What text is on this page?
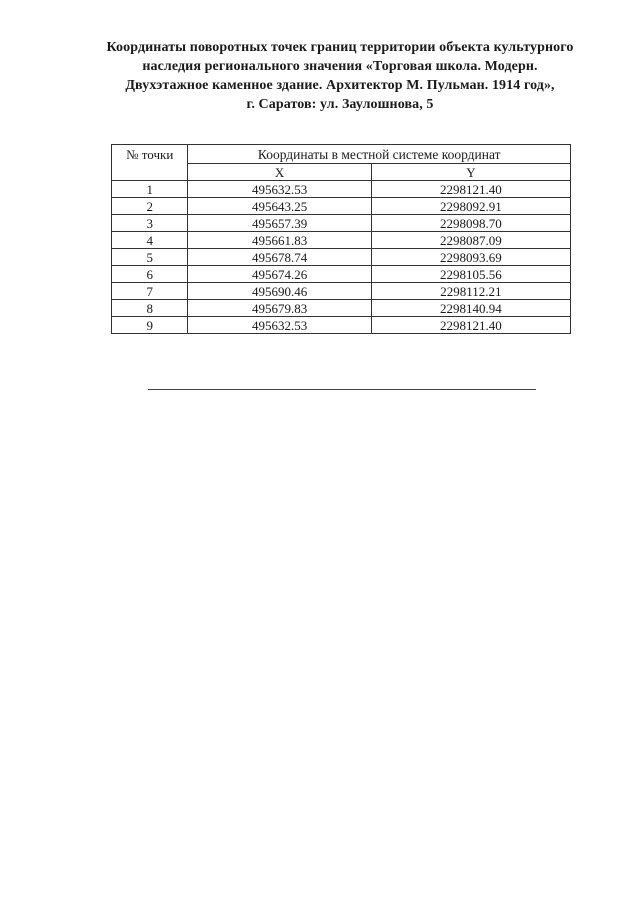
Координаты поворотных точек границ территории объекта культурного
наследия регионального значения «Торговая школа. Модерн.
Двухэтажное каменное здание. Архитектор М. Пульман. 1914 год»,
г. Саратов: ул. Заулошнова, 5
№ точки	Координаты в местной системе координат	
	X	Y
1	495632.53	2298121.40
2	495643.25	2298092.91
3	495657.39	2298098.70
4	495661.83	2298087.09
5	495678.74	2298093.69
6	495674.26	2298105.56
7	495690.46	2298112.21
8	495679.83	2298140.94
9	495632.53	2298121.40
